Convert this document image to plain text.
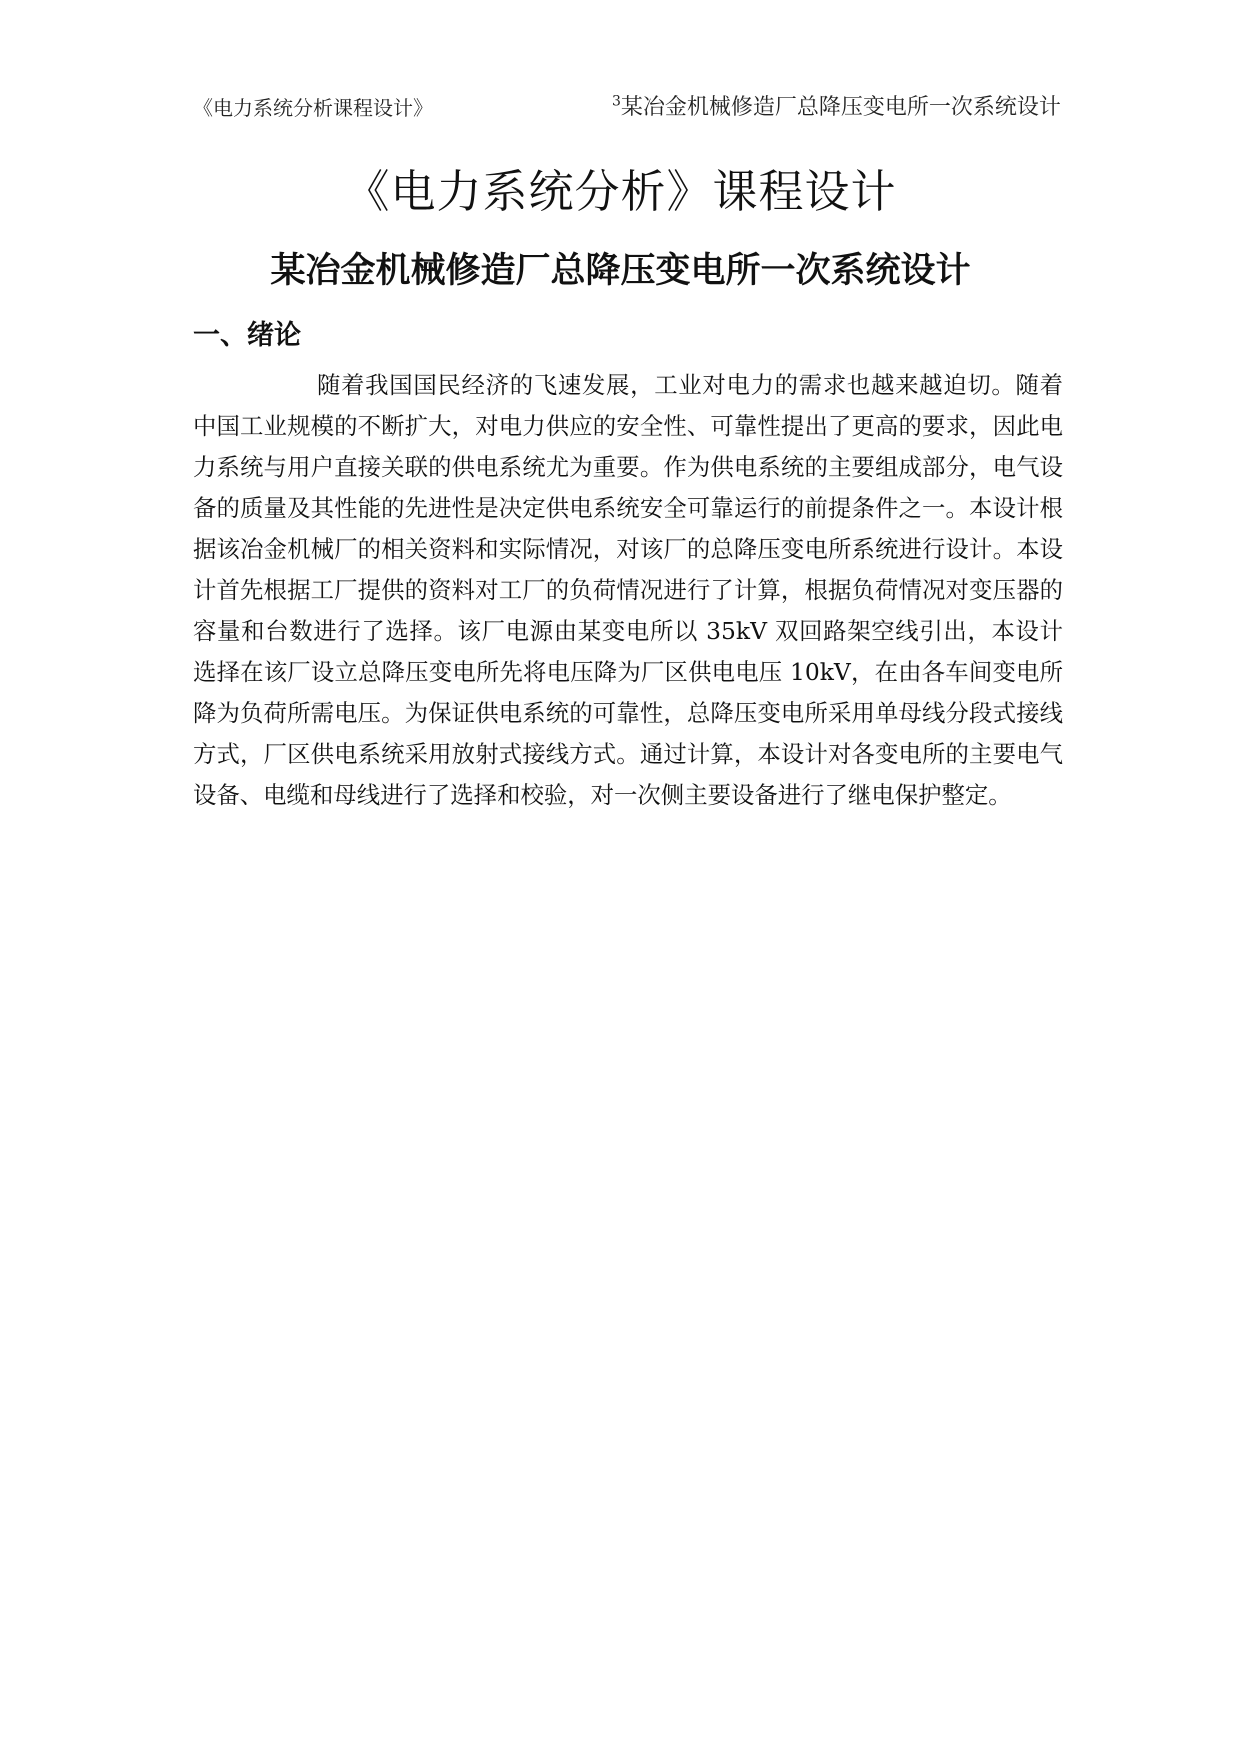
《电力系统分析课程设计》	$^3$某冶金机械修造厂总降压变电所一次系统设计
《电力系统分析》课程设计
某冶金机械修造厂总降压变电所一次系统设计
一、绪论

随着我国国民经济的飞速发展，工业对电力的需求也越来越迫切。随着中国工业规模的不断扩大，对电力供应的安全性、可靠性提出了更高的要求，因此电力系统与用户直接关联的供电系统尤为重要。作为供电系统的主要组成部分，电气设备的质量及其性能的先进性是决定供电系统安全可靠运行的前提条件之一。本设计根据该冶金机械厂的相关资料和实际情况，对该厂的总降压变电所系统进行设计。本设计首先根据工厂提供的资料对工厂的负荷情况进行了计算，根据负荷情况对变压器的容量和台数进行了选择。该厂电源由某变电所以 35kV 双回路架空线引出，本设计选择在该厂设立总降压变电所先将电压降为厂区供电电压 10kV，在由各车间变电所降为负荷所需电压。为保证供电系统的可靠性，总降压变电所采用单母线分段式接线方式，厂区供电系统采用放射式接线方式。通过计算，本设计对各变电所的主要电气设备、电缆和母线进行了选择和校验，对一次侧主要设备进行了继电保护整定。
